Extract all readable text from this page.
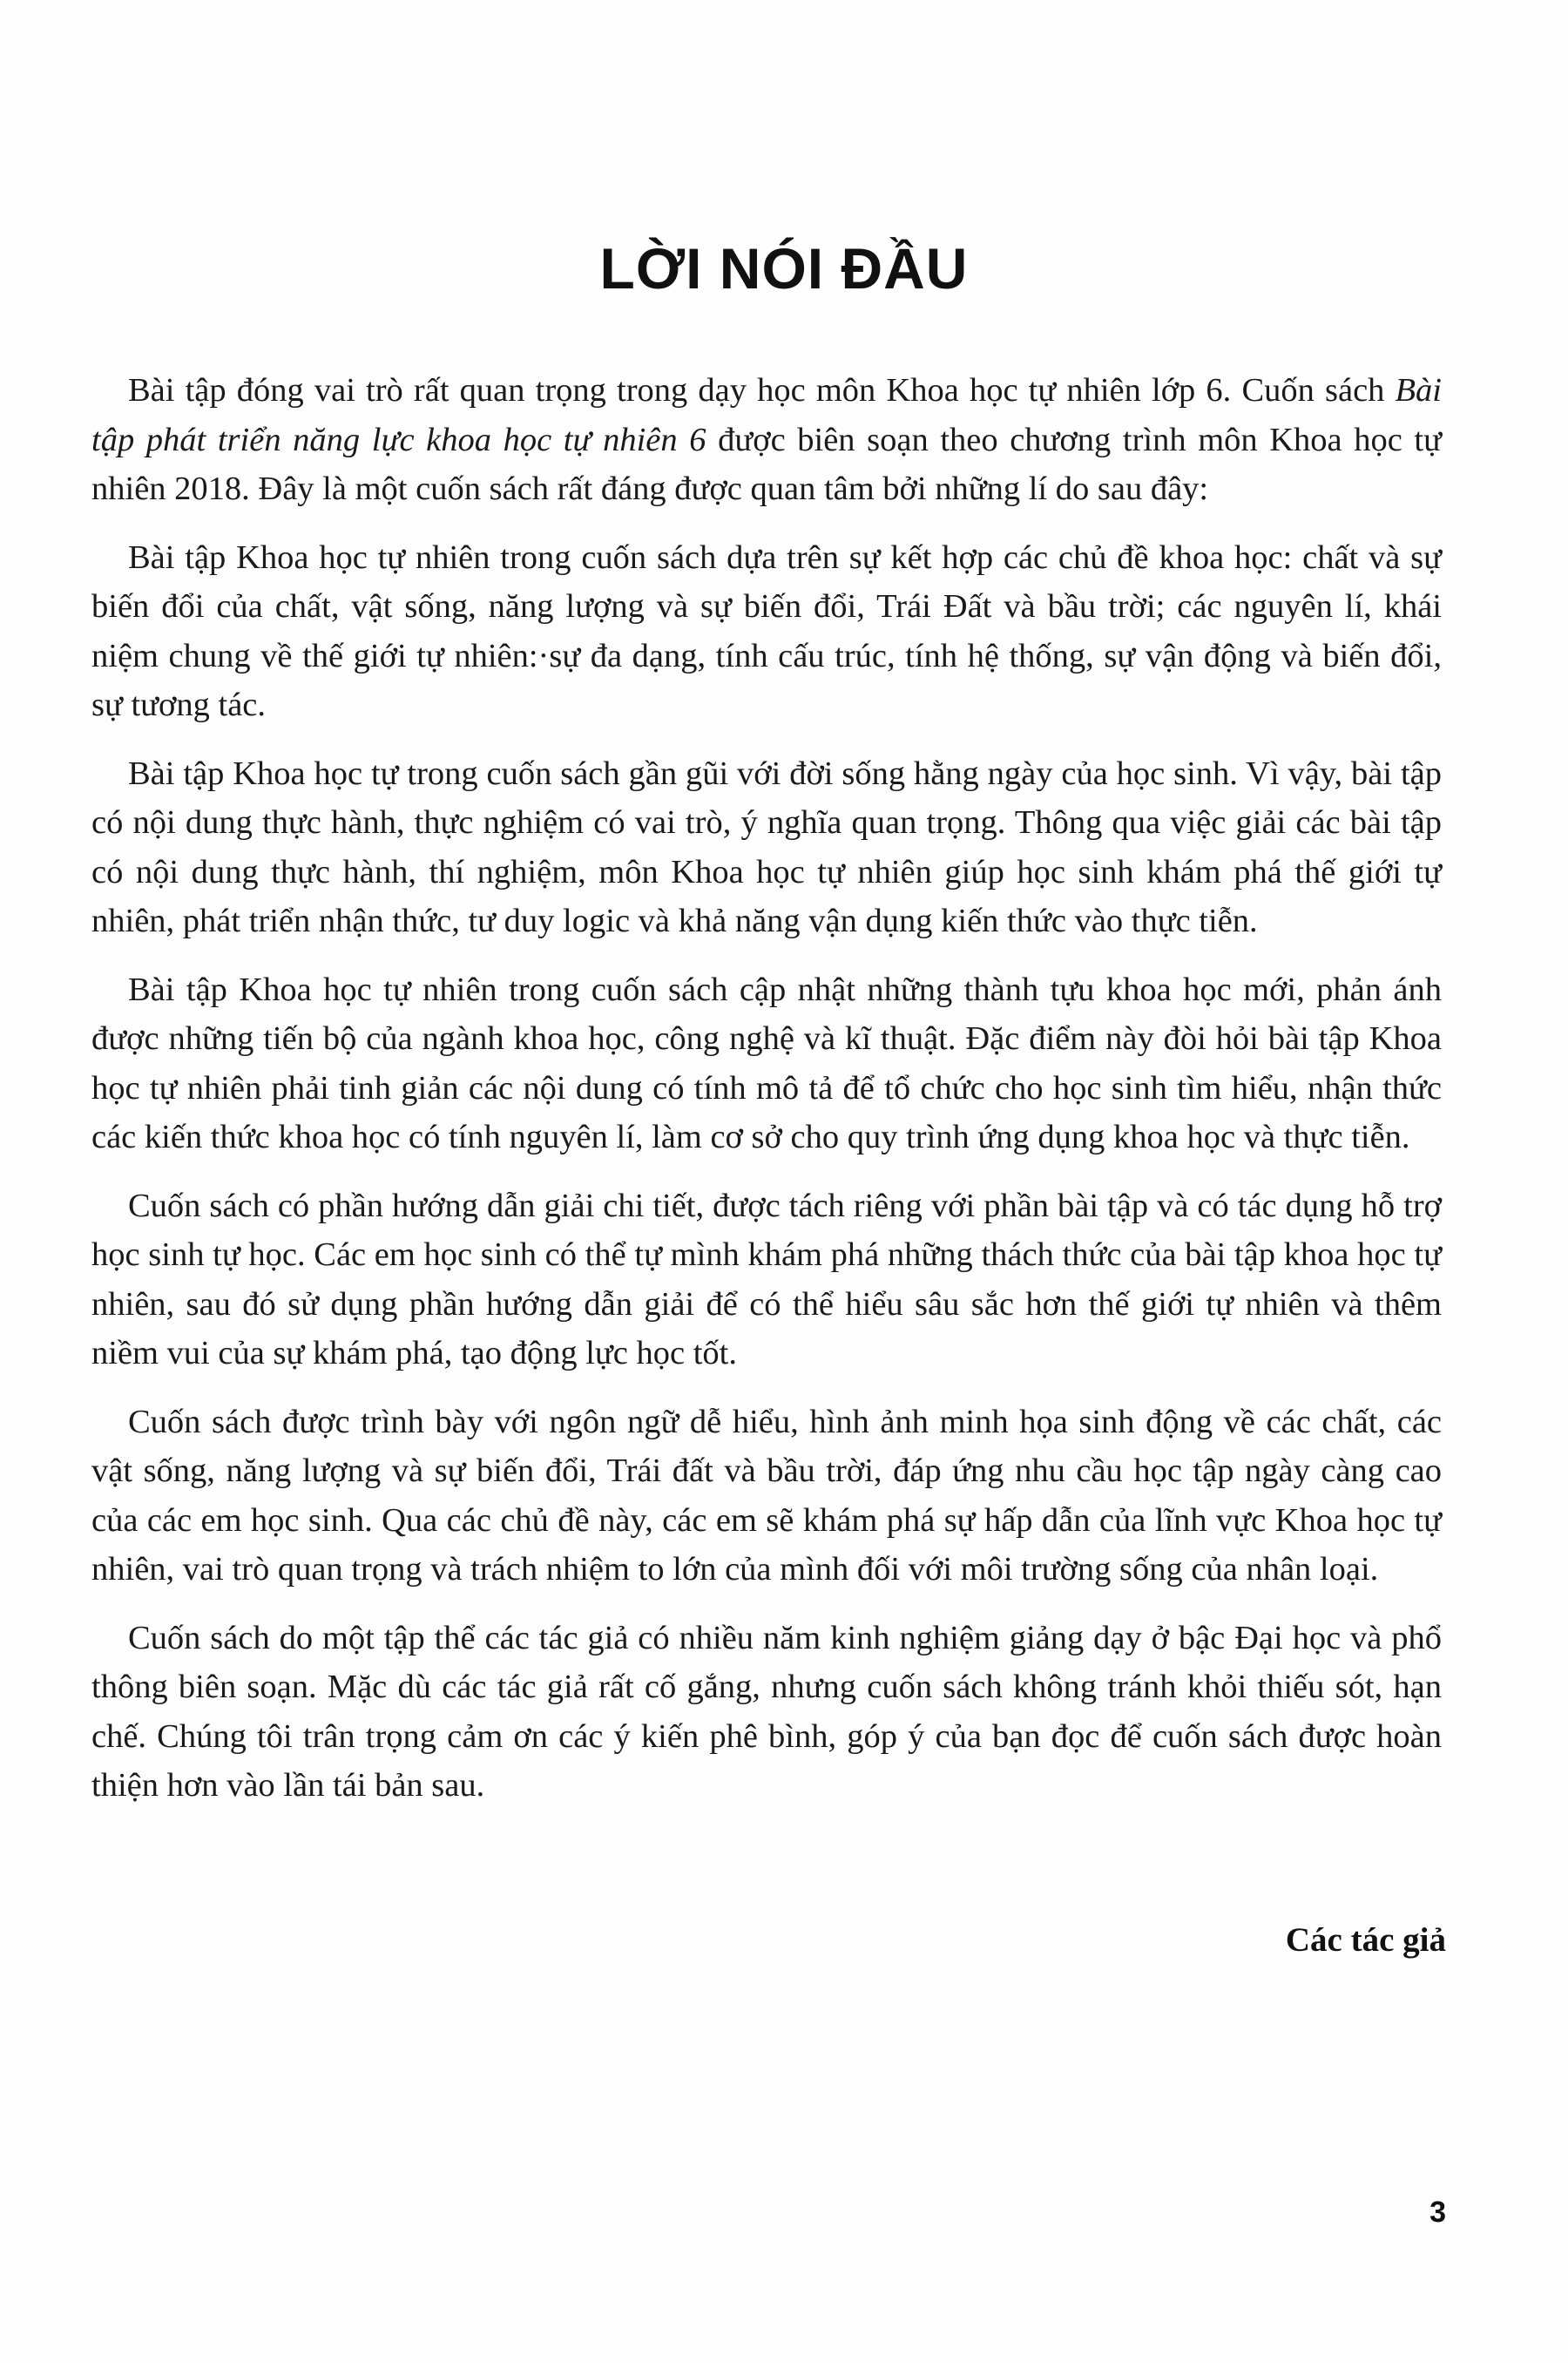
LỜI NÓI ĐẦU

Bài tập đóng vai trò rất quan trọng trong dạy học môn Khoa học tự nhiên lớp 6. Cuốn sách Bài tập phát triển năng lực khoa học tự nhiên 6 được biên soạn theo chương trình môn Khoa học tự nhiên 2018. Đây là một cuốn sách rất đáng được quan tâm bởi những lí do sau đây:

Bài tập Khoa học tự nhiên trong cuốn sách dựa trên sự kết hợp các chủ đề khoa học: chất và sự biến đổi của chất, vật sống, năng lượng và sự biến đổi, Trái Đất và bầu trời; các nguyên lí, khái niệm chung về thế giới tự nhiên:·sự đa dạng, tính cấu trúc, tính hệ thống, sự vận động và biến đổi, sự tương tác.

Bài tập Khoa học tự trong cuốn sách gần gũi với đời sống hằng ngày của học sinh. Vì vậy, bài tập có nội dung thực hành, thực nghiệm có vai trò, ý nghĩa quan trọng. Thông qua việc giải các bài tập có nội dung thực hành, thí nghiệm, môn Khoa học tự nhiên giúp học sinh khám phá thế giới tự nhiên, phát triển nhận thức, tư duy logic và khả năng vận dụng kiến thức vào thực tiễn.

Bài tập Khoa học tự nhiên trong cuốn sách cập nhật những thành tựu khoa học mới, phản ánh được những tiến bộ của ngành khoa học, công nghệ và kĩ thuật. Đặc điểm này đòi hỏi bài tập Khoa học tự nhiên phải tinh giản các nội dung có tính mô tả để tổ chức cho học sinh tìm hiểu, nhận thức các kiến thức khoa học có tính nguyên lí, làm cơ sở cho quy trình ứng dụng khoa học và thực tiễn.

Cuốn sách có phần hướng dẫn giải chi tiết, được tách riêng với phần bài tập và có tác dụng hỗ trợ học sinh tự học. Các em học sinh có thể tự mình khám phá những thách thức của bài tập khoa học tự nhiên, sau đó sử dụng phần hướng dẫn giải để có thể hiểu sâu sắc hơn thế giới tự nhiên và thêm niềm vui của sự khám phá, tạo động lực học tốt.

Cuốn sách được trình bày với ngôn ngữ dễ hiểu, hình ảnh minh họa sinh động về các chất, các vật sống, năng lượng và sự biến đổi, Trái đất và bầu trời, đáp ứng nhu cầu học tập ngày càng cao của các em học sinh. Qua các chủ đề này, các em sẽ khám phá sự hấp dẫn của lĩnh vực Khoa học tự nhiên, vai trò quan trọng và trách nhiệm to lớn của mình đối với môi trường sống của nhân loại.

Cuốn sách do một tập thể các tác giả có nhiều năm kinh nghiệm giảng dạy ở bậc Đại học và phổ thông biên soạn. Mặc dù các tác giả rất cố gắng, nhưng cuốn sách không tránh khỏi thiếu sót, hạn chế. Chúng tôi trân trọng cảm ơn các ý kiến phê bình, góp ý của bạn đọc để cuốn sách được hoàn thiện hơn vào lần tái bản sau.

Các tác giả
3
